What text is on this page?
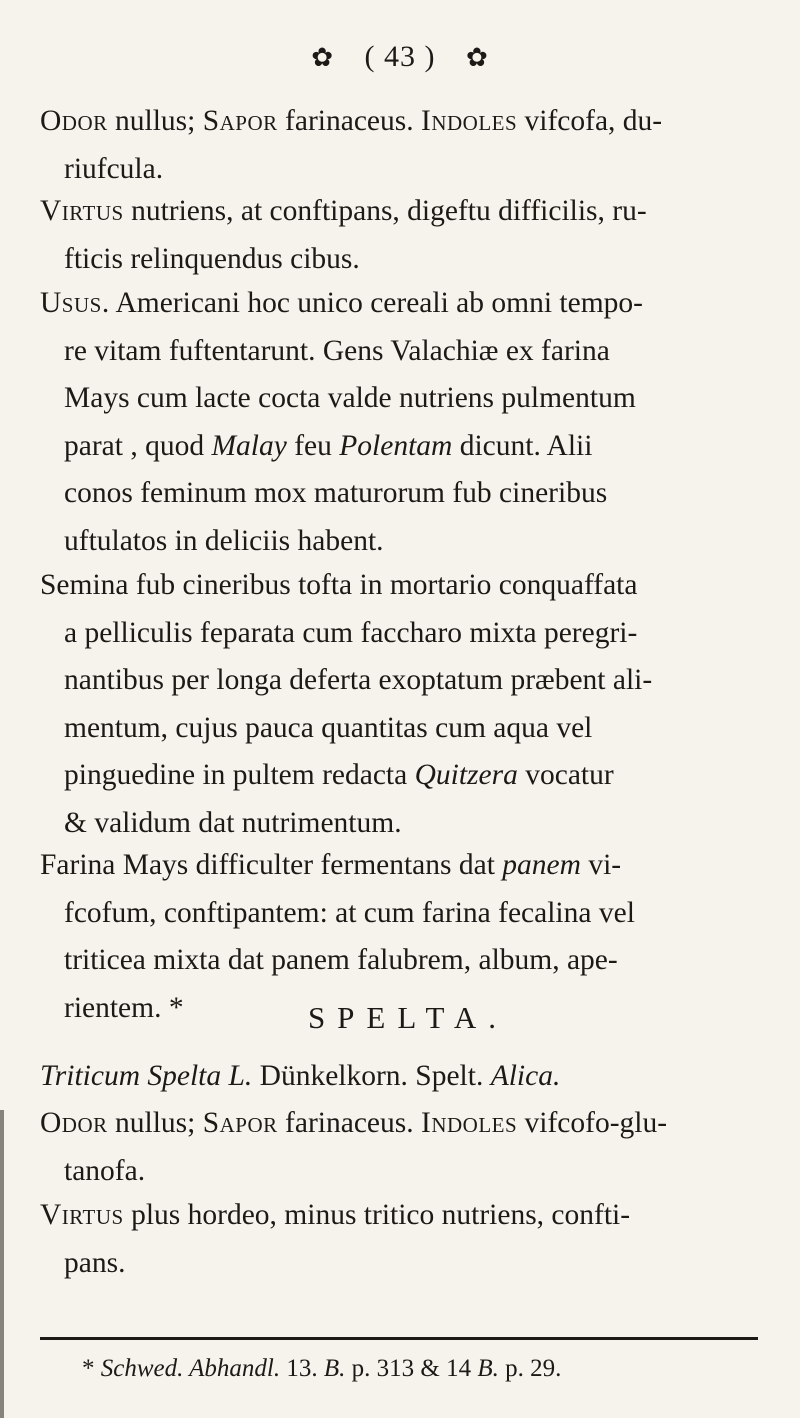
✿ ( 43 ) ✿
Odor nullus; Sapor farinaceus. Indoles vifcofa, du-
riufcula.
Virtus nutriens, at conftipans, digeftu difficilis, ru-
fticis relinquendus cibus.
Usus. Americani hoc unico cereali ab omni tempo-
re vitam fuftentarunt. Gens Valachiæ ex farina
Mays cum lacte cocta valde nutriens pulmentum
parat , quod Malay feu Polentam dicunt. Alii
conos feminum mox maturorum fub cineribus
uftulatos in deliciis habent.
Semina fub cineribus tofta in mortario conquaffata
a pelliculis feparata cum faccharo mixta peregri-
nantibus per longa deferta exoptatum præbent ali-
mentum, cujus pauca quantitas cum aqua vel
pinguedine in pultem redacta Quitzera vocatur
& validum dat nutrimentum.
Farina Mays difficulter fermentans dat panem vi-
fcofum, conftipantem: at cum farina fecalina vel
triticea mixta dat panem falubrem, album, ape-
rientem. *	SPELTA.
Triticum Spelta L. Dünkelkorn. Spelt. Alica.
Odor nullus; Sapor farinaceus. Indoles vifcofo-glu-
tanofa.
Virtus plus hordeo, minus tritico nutriens, confti-
pans.
* Schwed. Abhandl. 13. B. p. 313 & 14 B. p. 29.
